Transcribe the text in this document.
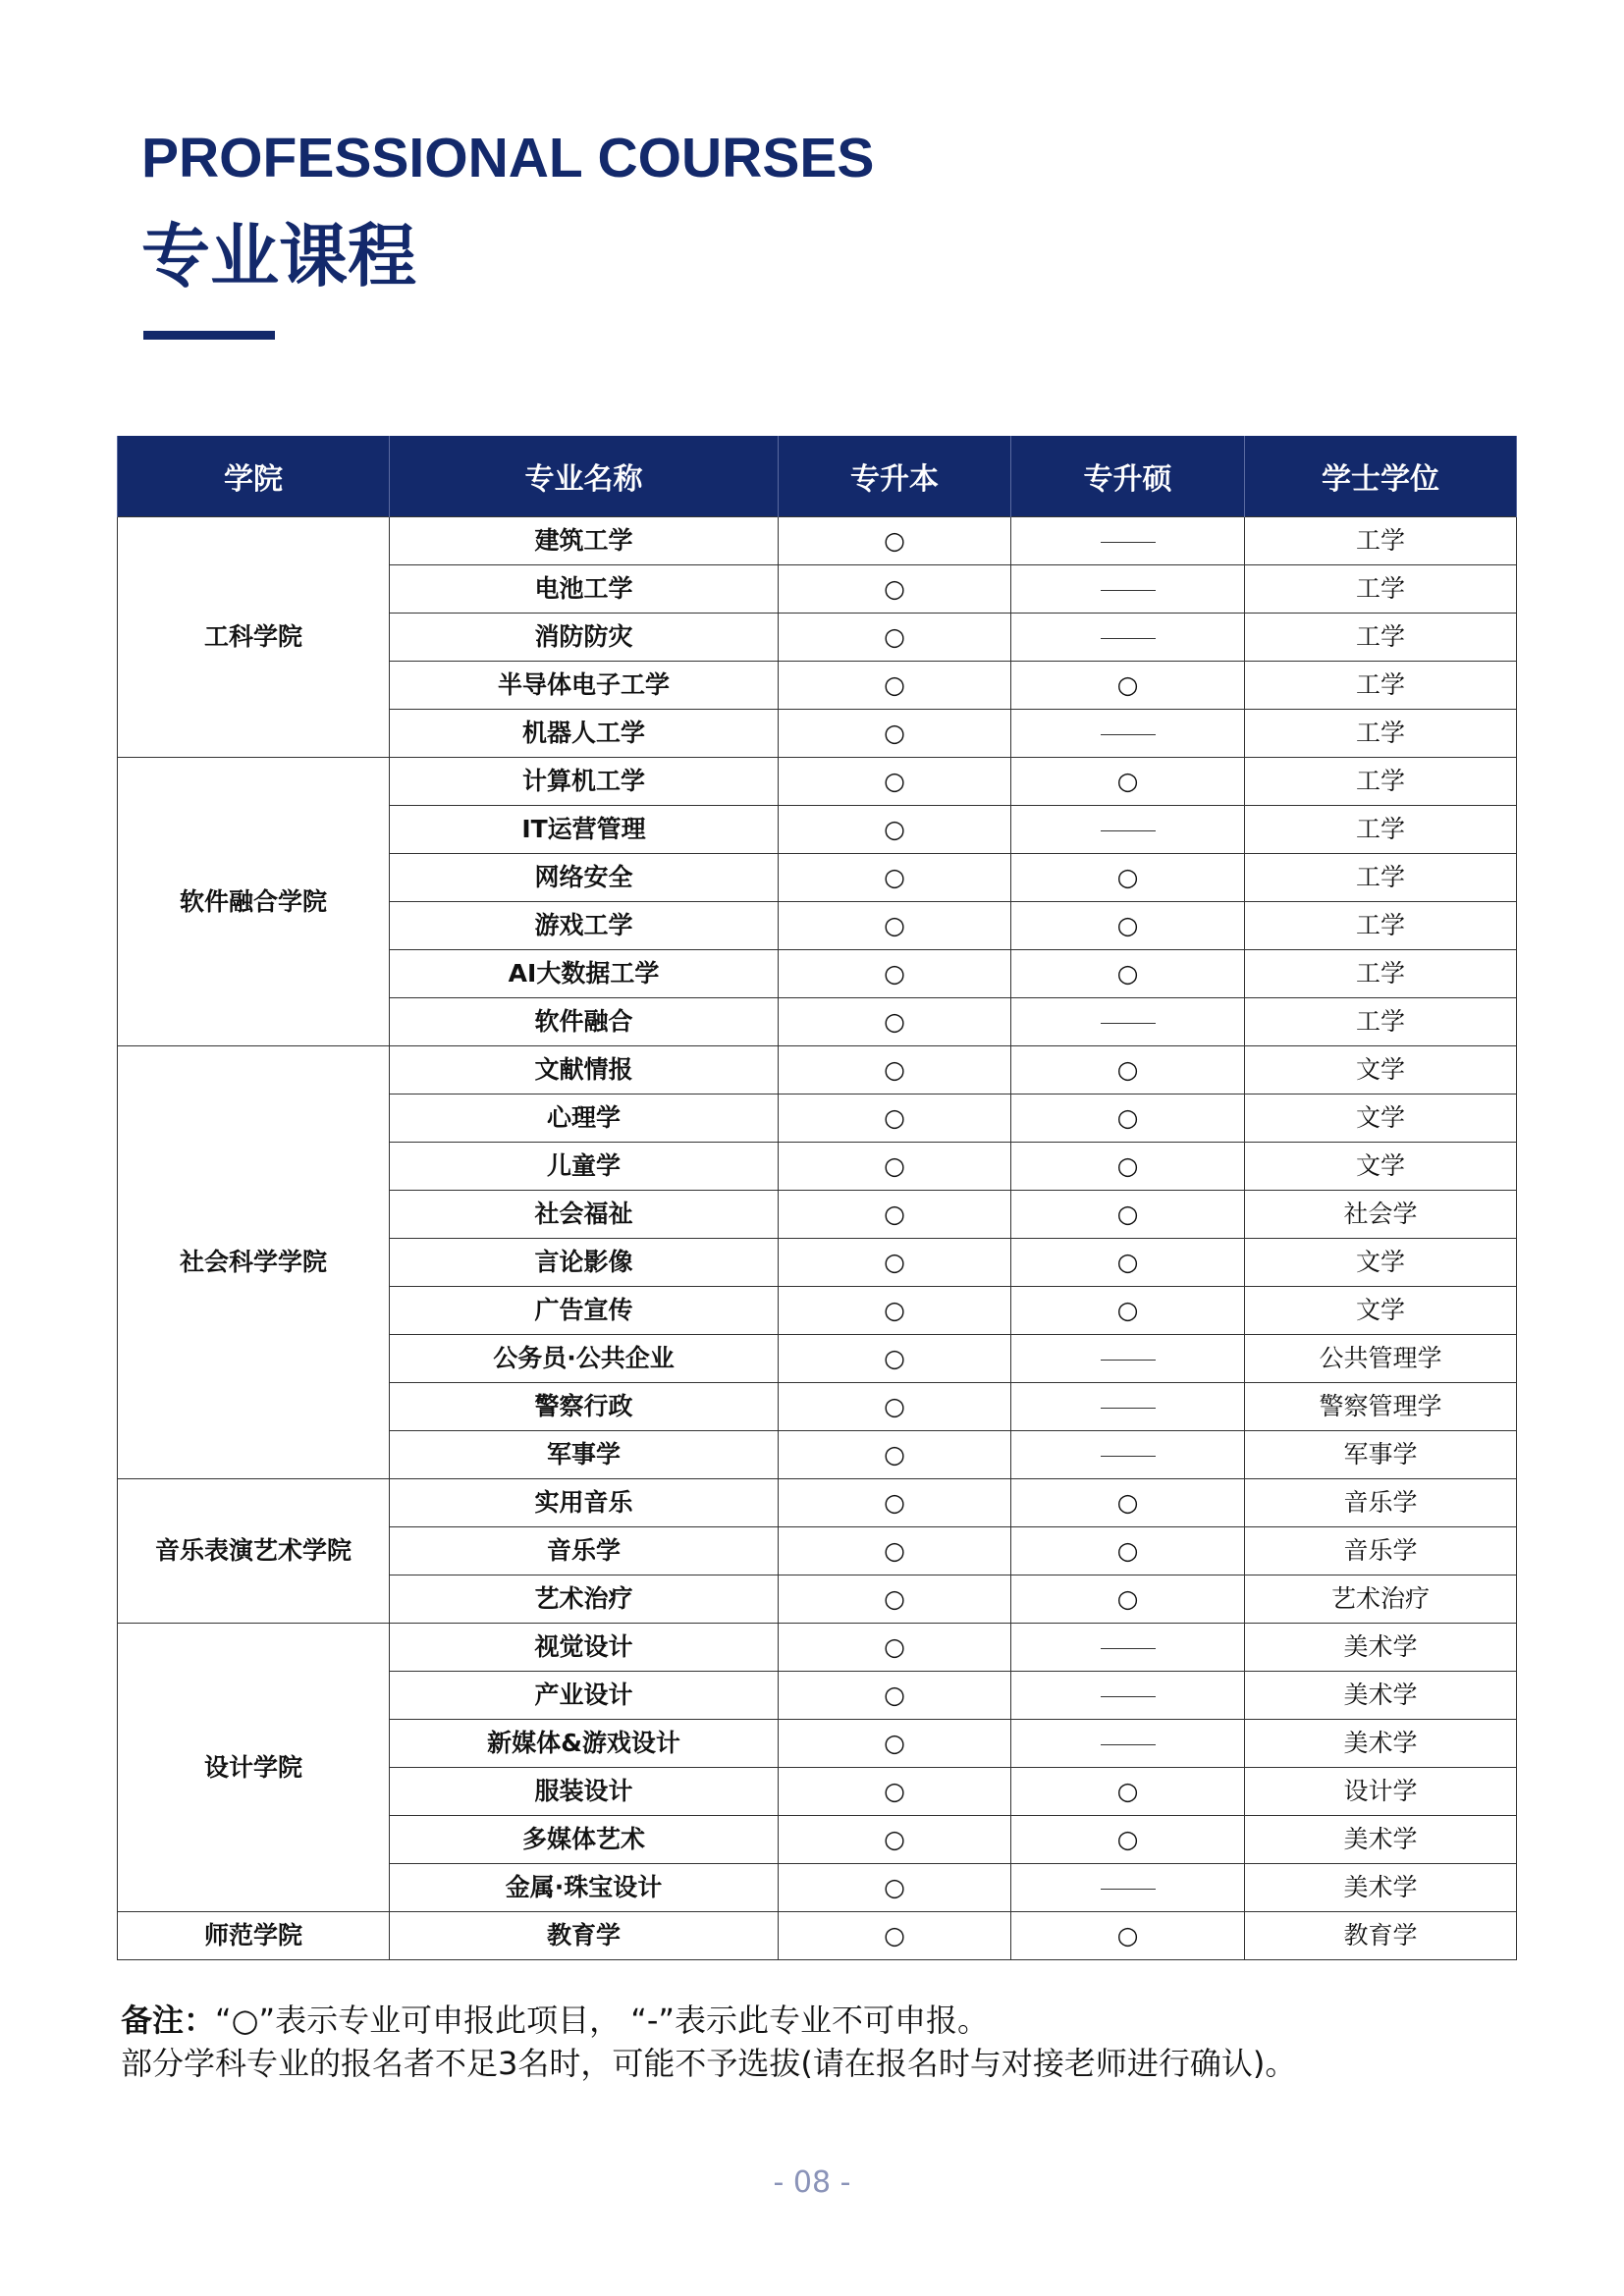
PROFESSIONAL COURSES
专业课程
学院	专业名称	专升本	专升硕	学士学位
工科学院	建筑工学	○		工学
	电池工学	○		工学
	消防防灾	○		工学
	半导体电子工学	○	○	工学
	机器人工学	○		工学
软件融合学院	计算机工学	○	○	工学
	IT运营管理	○		工学
	网络安全	○	○	工学
	游戏工学	○	○	工学
	AI大数据工学	○	○	工学
	软件融合	○		工学
社会科学学院	文献情报	○	○	文学
	心理学	○	○	文学
	儿童学	○	○	文学
	社会福祉	○	○	社会学
	言论影像	○	○	文学
	广告宣传	○	○	文学
	公务员·公共企业	○		公共管理学
	警察行政	○		警察管理学
	军事学	○		军事学
音乐表演艺术学院	实用音乐	○	○	音乐学
	音乐学	○	○	音乐学
	艺术治疗	○	○	艺术治疗
设计学院	视觉设计	○		美术学
	产业设计	○		美术学
	新媒体&游戏设计	○		美术学
	服装设计	○	○	设计学
	多媒体艺术	○	○	美术学
	金属·珠宝设计	○		美术学
师范学院	教育学	○	○	教育学
备注：“○”表示专业可申报此项目， “-”表示此专业不可申报。
部分学科专业的报名者不足3名时，可能不予选拔(请在报名时与对接老师进行确认)。
- 08 -
